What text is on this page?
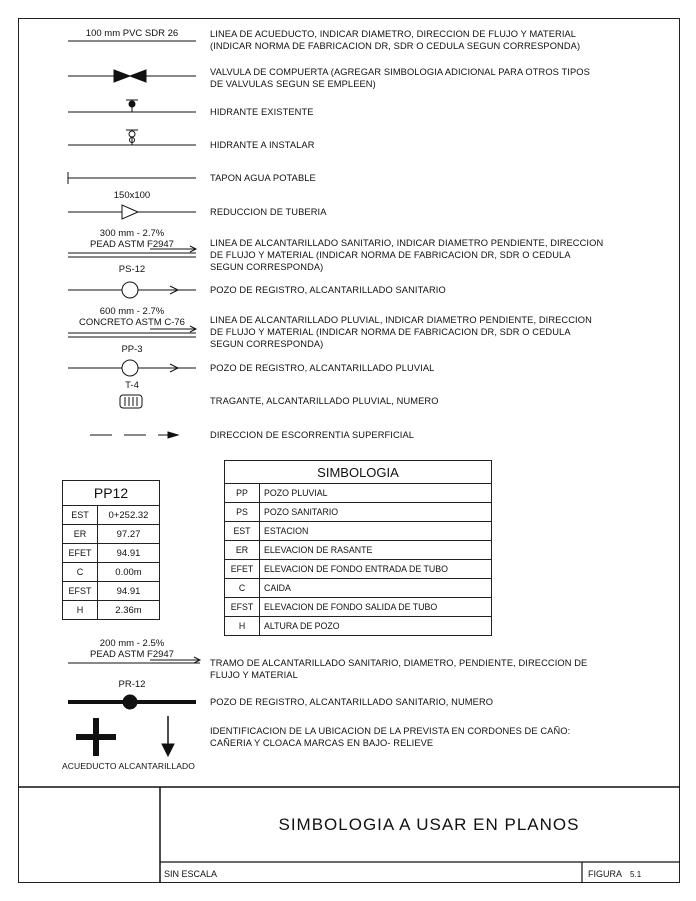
100 mm PVC SDR 26
150x100
300 mm - 2.7%
PEAD ASTM F2947
PS-12
600 mm - 2.7%
CONCRETO ASTM C-76
PP-3
T-4
LINEA DE ACUEDUCTO, INDICAR DIAMETRO, DIRECCION DE FLUJO Y MATERIAL
(INDICAR NORMA DE FABRICACION DR, SDR O CEDULA SEGUN CORRESPONDA)
VALVULA DE COMPUERTA (AGREGAR SIMBOLOGIA ADICIONAL PARA OTROS TIPOS
DE VALVULAS SEGUN SE EMPLEEN)
HIDRANTE EXISTENTE
HIDRANTE A INSTALAR
TAPON AGUA POTABLE
REDUCCION DE TUBERIA
LINEA DE ALCANTARILLADO SANITARIO, INDICAR DIAMETRO PENDIENTE, DIRECCION
DE FLUJO Y MATERIAL (INDICAR NORMA DE FABRICACION DR, SDR O CEDULA
SEGUN CORRESPONDA)
POZO DE REGISTRO, ALCANTARILLADO SANITARIO
LINEA DE ALCANTARILLADO PLUVIAL, INDICAR DIAMETRO PENDIENTE, DIRECCION
DE FLUJO Y MATERIAL (INDICAR NORMA DE FABRICACION DR, SDR O CEDULA
SEGUN CORRESPONDA)
POZO DE REGISTRO, ALCANTARILLADO PLUVIAL
TRAGANTE, ALCANTARILLADO PLUVIAL, NUMERO
DIRECCION DE ESCORRENTIA SUPERFICIAL
PP12	
EST	0+252.32
ER	97.27
EFET	94.91
C	0.00m
EFST	94.91
H	2.36m
SIMBOLOGIA	
PP	POZO PLUVIAL
PS	POZO SANITARIO
EST	ESTACION
ER	ELEVACION DE RASANTE
EFET	ELEVACION DE FONDO ENTRADA DE TUBO
C	CAIDA
EFST	ELEVACION DE FONDO SALIDA DE TUBO
H	ALTURA DE POZO
200 mm - 2.5%
PEAD ASTM F2947
TRAMO DE ALCANTARILLADO SANITARIO, DIAMETRO, PENDIENTE, DIRECCION DE
FLUJO Y MATERIAL
PR-12
POZO DE REGISTRO, ALCANTARILLADO SANITARIO, NUMERO
IDENTIFICACION DE LA UBICACION DE LA PREVISTA EN CORDONES DE CAÑO:
CAÑERIA Y CLOACA MARCAS EN BAJO- RELIEVE
ACUEDUCTO ALCANTARILLADO
SIMBOLOGIA A USAR EN PLANOS
SIN ESCALA	FIGURA 5.1
